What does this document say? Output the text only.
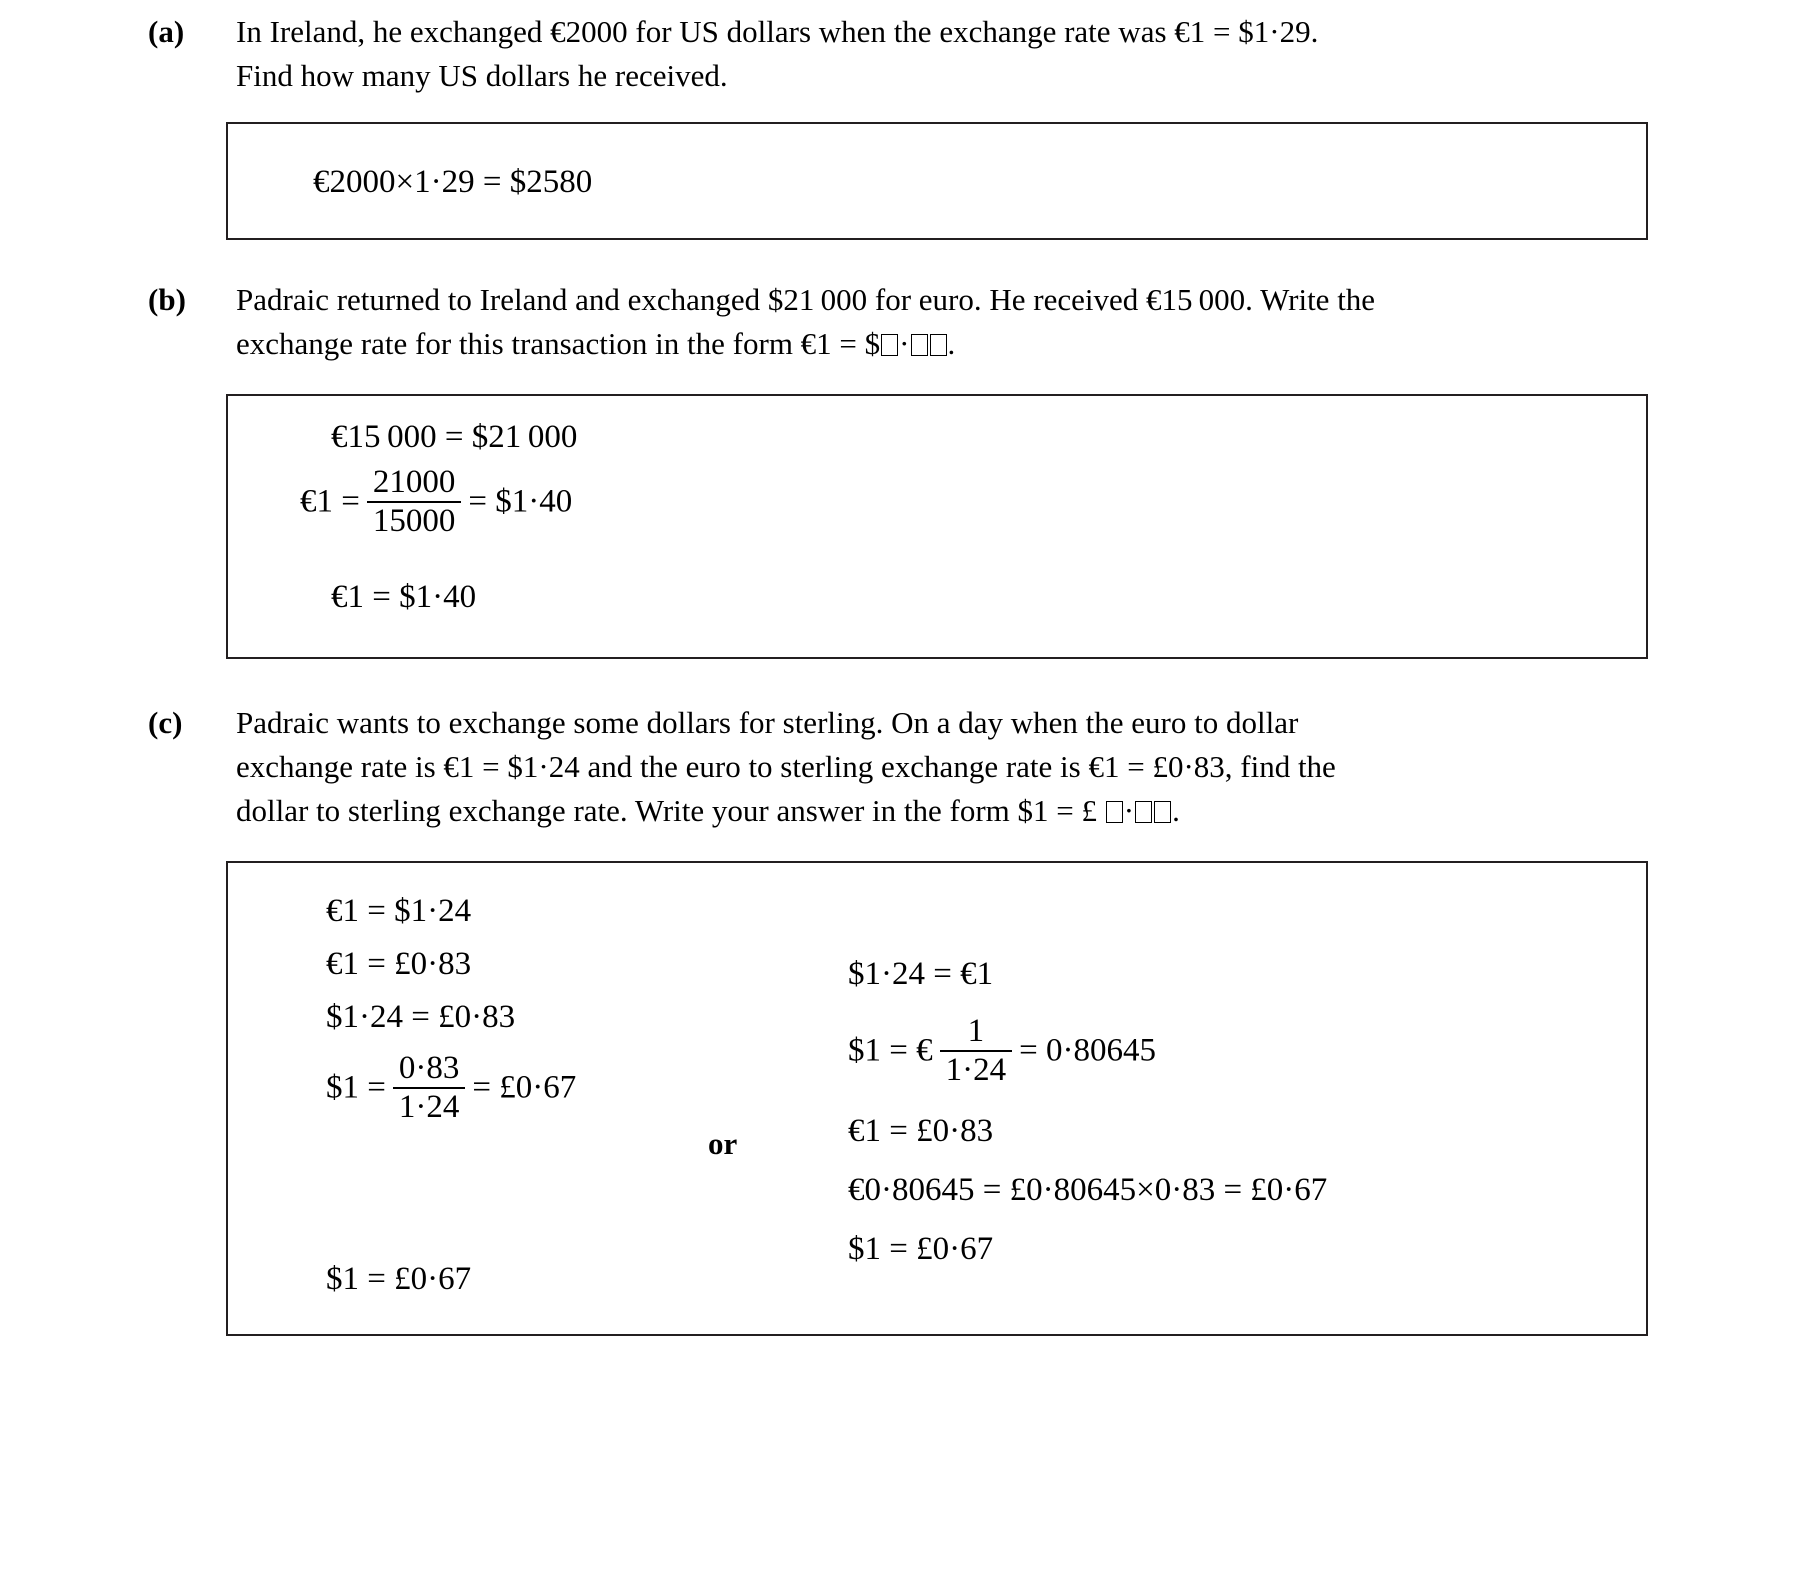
(a)	In Ireland, he exchanged €2000 for US dollars when the exchange rate was €1 = $1·29.
Find how many US dollars he received.
€2000×1·29 = $2580
(b)	Padraic returned to Ireland and exchanged $21 000 for euro. He received €15 000. Write the
exchange rate for this transaction in the form €1 = $ · .
€15 000 = $21 000
€1 = $\frac{21000}{15000}$ = $1·40
€1 = $1·40
(c)	Padraic wants to exchange some dollars for sterling. On a day when the euro to dollar
exchange rate is €1 = $1·24 and the euro to sterling exchange rate is €1 = £0·83, find the
dollar to sterling exchange rate. Write your answer in the form $1 = £ · .
€1 = $1·24
€1 = £0·83
$1·24 = £0·83
$1 = $\frac{0\cdot 83}{1\cdot 24}$ = £0·67
or
$1·24 = €1
$1 = € $\frac{1}{1\cdot 24} = 0\cdot 80645$
€1 = £0·83
€0·80645 = £0·80645×0·83 = £0·67
$1 = £0·67
$1 = £0·67
